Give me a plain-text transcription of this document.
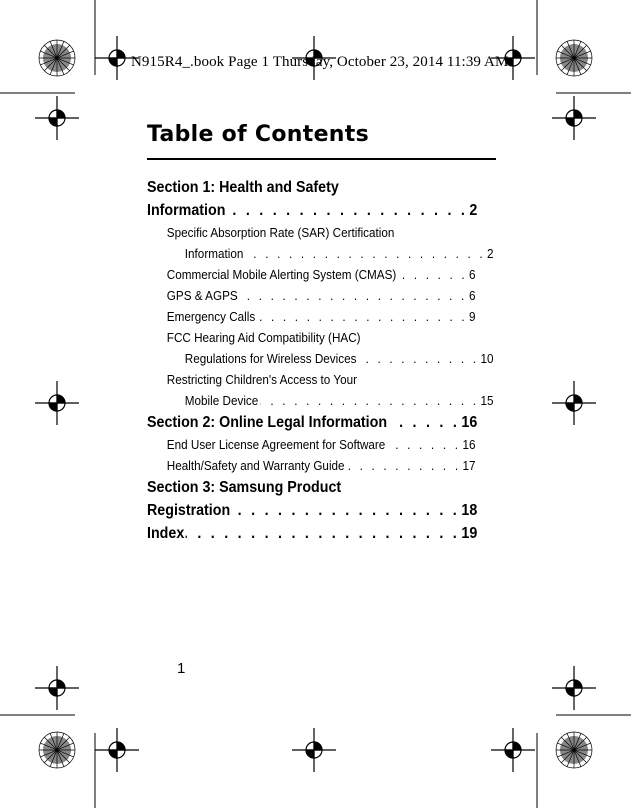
N915R4_.book Page 1 Thursday, October 23, 2014 11:39 AM
Table of Contents
Section 1: Health and Safety
Information . . .	2
Specific Absorption Rate (SAR) Certification
Information . . .	2
Commercial Mobile Alerting System (CMAS) . . .	6
GPS & AGPS . . .	6
Emergency Calls . . .	9
FCC Hearing Aid Compatibility (HAC)
Regulations for Wireless Devices . . .	10
Restricting Children's Access to Your
Mobile Device . . .	15
Section 2: Online Legal Information . . .	16
End User License Agreement for Software . . .	16
Health/Safety and Warranty Guide . . .	17
Section 3: Samsung Product
Registration . . .	18
Index . . .	19
1
